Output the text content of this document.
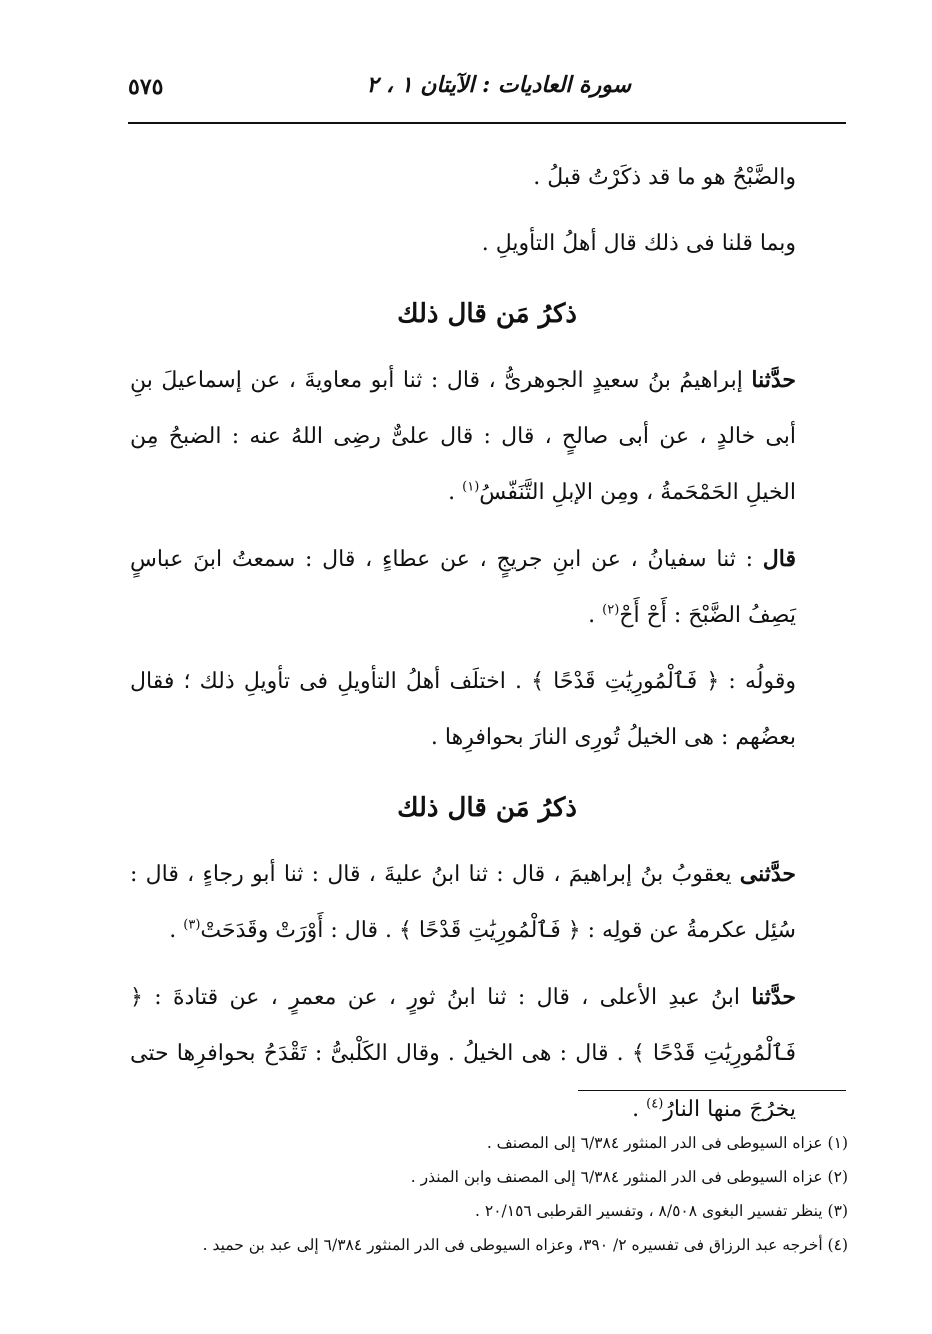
سورة العاديات : الآيتان ١ ، ٢
٥٧٥

والضَّبْحُ هو ما قد ذكَرْتُ قبلُ .

وبما قلنا فى ذلك قال أهلُ التأويلِ .

ذكرُ مَن قال ذلك

حدَّثنا إبراهيمُ بنُ سعيدٍ الجوهرىُّ ، قال : ثنا أبو معاويةَ ، عن إسماعيلَ بنِ أبى خالدٍ ، عن أبى صالحٍ ، قال : قال علىٌّ رضِى اللهُ عنه : الضبحُ مِن الخيلِ الحَمْحَمةُ ، ومِن الإبلِ التَّنَفّسُ$^{(١)}$ .

قال : ثنا سفيانُ ، عن ابنِ جريجٍ ، عن عطاءٍ ، قال : سمعتُ ابنَ عباسٍ يَصِفُ الضَّبْحَ : أَحْ أَحْ$^{(٢)}$ .

وقولُه : ﴿ فَٱلْمُورِيَٰتِ قَدْحًا ﴾ . اختلَف أهلُ التأويلِ فى تأويلِ ذلك ؛ فقال بعضُهم : هى الخيلُ تُورِى النارَ بحوافرِها .

ذكرُ مَن قال ذلك

حدَّثنى يعقوبُ بنُ إبراهيمَ ، قال : ثنا ابنُ عليةَ ، قال : ثنا أبو رجاءٍ ، قال : سُئِل عكرمةُ عن قولِه : ﴿ فَٱلْمُورِيَٰتِ قَدْحًا ﴾ . قال : أَوْرَتْ وقَدَحَتْ$^{(٣)}$ .

حدَّثنا ابنُ عبدِ الأعلى ، قال : ثنا ابنُ ثورٍ ، عن معمرٍ ، عن قتادةَ : ﴿ فَٱلْمُورِيَٰتِ قَدْحًا ﴾ . قال : هى الخيلُ . وقال الكَلْبىُّ : تَقْدَحُ بحوافرِها حتى يخرُجَ منها النارُ$^{(٤)}$ .

(١) عزاه السيوطى فى الدر المنثور ٦/٣٨٤ إلى المصنف .

(٢) عزاه السيوطى فى الدر المنثور ٦/٣٨٤ إلى المصنف وابن المنذر .

(٣) ينظر تفسير البغوى ٨/٥٠٨ ، وتفسير القرطبى ٢٠/١٥٦ .

(٤) أخرجه عبد الرزاق فى تفسيره ٢/ ٣٩٠، وعزاه السيوطى فى الدر المنثور ٦/٣٨٤ إلى عبد بن حميد .
